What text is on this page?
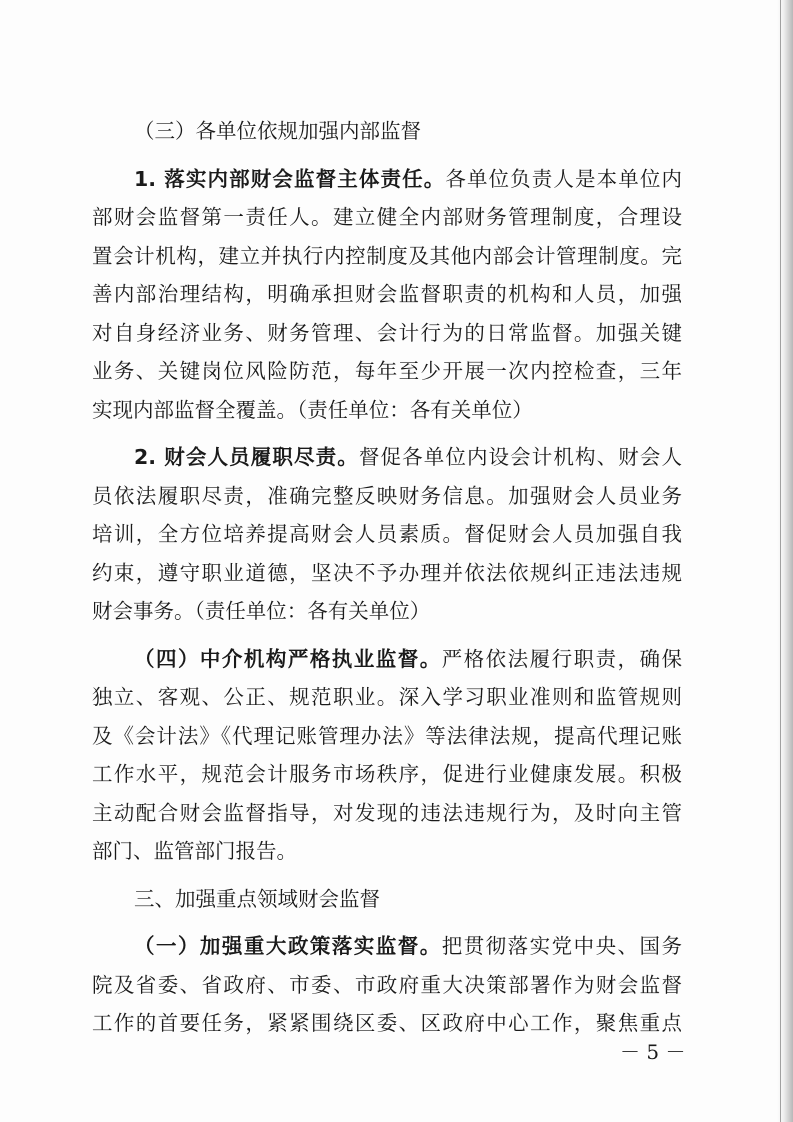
（三）各单位依规加强内部监督
1. 落实内部财会监督主体责任。各单位负责人是本单位内
部财会监督第一责任人。建立健全内部财务管理制度，合理设
置会计机构，建立并执行内控制度及其他内部会计管理制度。完
善内部治理结构，明确承担财会监督职责的机构和人员，加强
对自身经济业务、财务管理、会计行为的日常监督。加强关键
业务、关键岗位风险防范，每年至少开展一次内控检查，三年
实现内部监督全覆盖。（责任单位：各有关单位）
2. 财会人员履职尽责。督促各单位内设会计机构、财会人
员依法履职尽责，准确完整反映财务信息。加强财会人员业务
培训，全方位培养提高财会人员素质。督促财会人员加强自我
约束，遵守职业道德，坚决不予办理并依法依规纠正违法违规
财会事务。（责任单位：各有关单位）
（四）中介机构严格执业监督。严格依法履行职责，确保
独立、客观、公正、规范职业。深入学习职业准则和监管规则
及《会计法》《代理记账管理办法》等法律法规，提高代理记账
工作水平，规范会计服务市场秩序，促进行业健康发展。积极
主动配合财会监督指导，对发现的违法违规行为，及时向主管
部门、监管部门报告。
三、加强重点领域财会监督
（一）加强重大政策落实监督。把贯彻落实党中央、国务
院及省委、省政府、市委、市政府重大决策部署作为财会监督
工作的首要任务，紧紧围绕区委、区政府中心工作，聚焦重点
－ 5 －
